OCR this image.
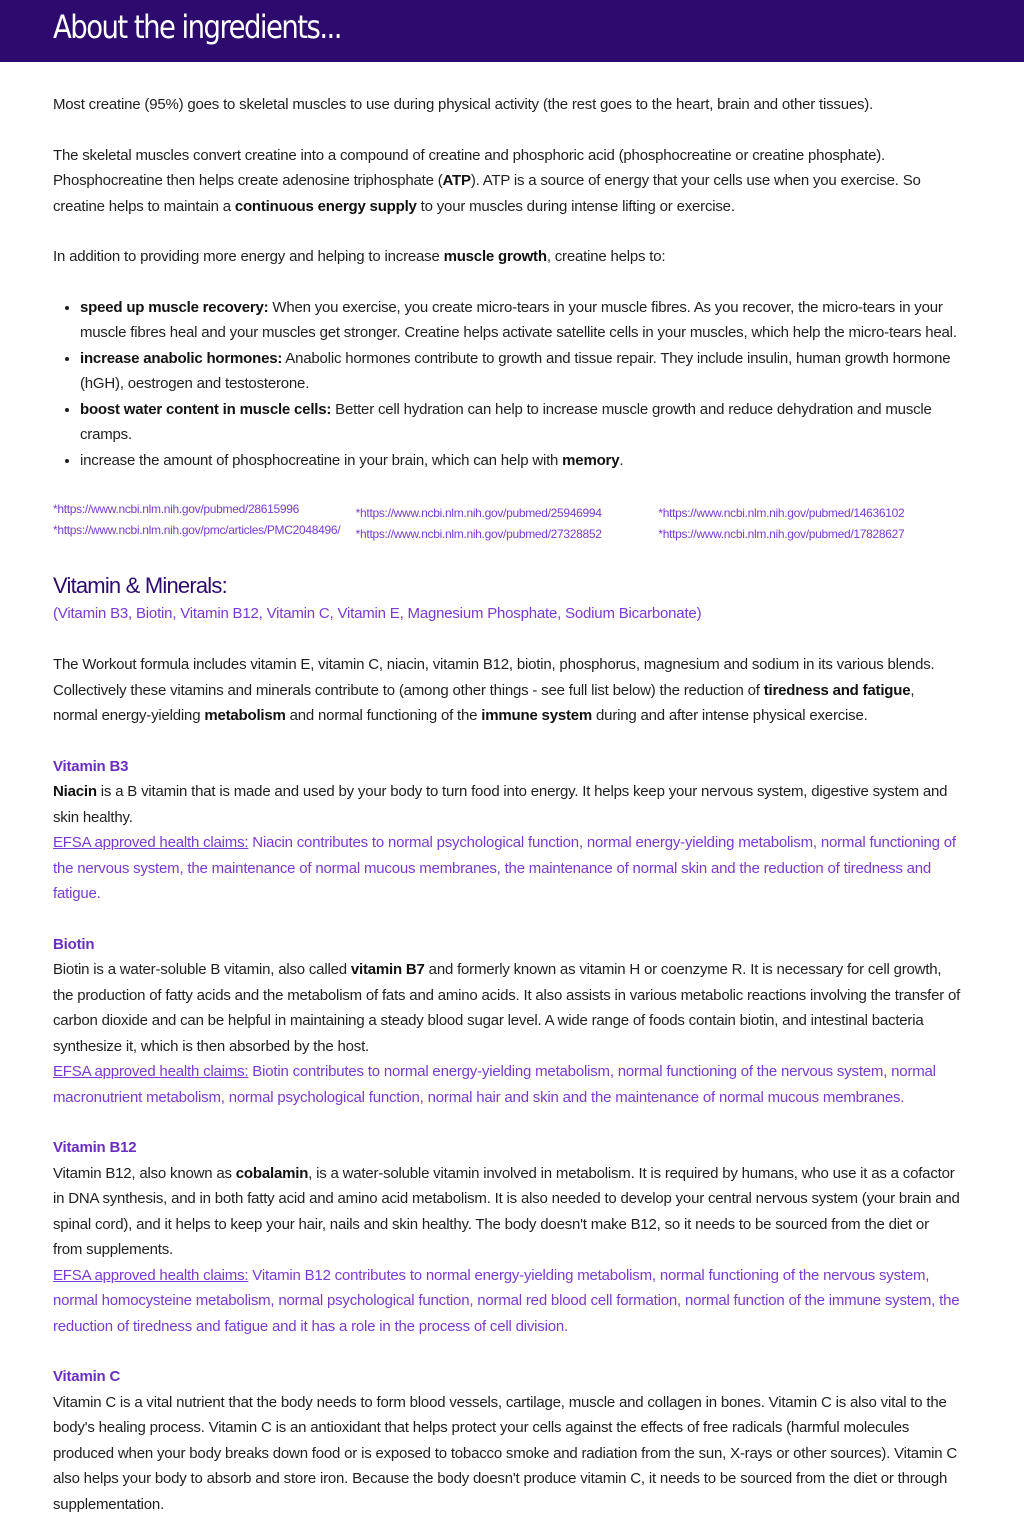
About the ingredients...

Most creatine (95%) goes to skeletal muscles to use during physical activity (the rest goes to the heart, brain and other tissues).

The skeletal muscles convert creatine into a compound of creatine and phosphoric acid (phosphocreatine or creatine phosphate). Phosphocreatine then helps create adenosine triphosphate (ATP). ATP is a source of energy that your cells use when you exercise. So creatine helps to maintain a continuous energy supply to your muscles during intense lifting or exercise.

In addition to providing more energy and helping to increase muscle growth, creatine helps to:

• speed up muscle recovery: When you exercise, you create micro-tears in your muscle fibres. As you recover, the micro-tears in your muscle fibres heal and your muscles get stronger. Creatine helps activate satellite cells in your muscles, which help the micro-tears heal.
• increase anabolic hormones: Anabolic hormones contribute to growth and tissue repair. They include insulin, human growth hormone (hGH), oestrogen and testosterone.
• boost water content in muscle cells: Better cell hydration can help to increase muscle growth and reduce dehydration and muscle cramps.
• increase the amount of phosphocreatine in your brain, which can help with memory.
*https://www.ncbi.nlm.nih.gov/pubmed/28615996
*https://www.ncbi.nlm.nih.gov/pmc/articles/PMC2048496/
*https://www.ncbi.nlm.nih.gov/pubmed/25946994
*https://www.ncbi.nlm.nih.gov/pubmed/27328852
*https://www.ncbi.nlm.nih.gov/pubmed/14636102
*https://www.ncbi.nlm.nih.gov/pubmed/17828627
Vitamin & Minerals:

(Vitamin B3, Biotin, Vitamin B12, Vitamin C, Vitamin E, Magnesium Phosphate, Sodium Bicarbonate)

The Workout formula includes vitamin E, vitamin C, niacin, vitamin B12, biotin, phosphorus, magnesium and sodium in its various blends. Collectively these vitamins and minerals contribute to (among other things - see full list below) the reduction of tiredness and fatigue, normal energy-yielding metabolism and normal functioning of the immune system during and after intense physical exercise.

Vitamin B3

Niacin is a B vitamin that is made and used by your body to turn food into energy. It helps keep your nervous system, digestive system and skin healthy.

EFSA approved health claims: Niacin contributes to normal psychological function, normal energy-yielding metabolism, normal functioning of the nervous system, the maintenance of normal mucous membranes, the maintenance of normal skin and the reduction of tiredness and fatigue.

Biotin

Biotin is a water-soluble B vitamin, also called vitamin B7 and formerly known as vitamin H or coenzyme R. It is necessary for cell growth, the production of fatty acids and the metabolism of fats and amino acids. It also assists in various metabolic reactions involving the transfer of carbon dioxide and can be helpful in maintaining a steady blood sugar level. A wide range of foods contain biotin, and intestinal bacteria synthesize it, which is then absorbed by the host.

EFSA approved health claims: Biotin contributes to normal energy-yielding metabolism, normal functioning of the nervous system, normal macronutrient metabolism, normal psychological function, normal hair and skin and the maintenance of normal mucous membranes.

Vitamin B12

Vitamin B12, also known as cobalamin, is a water-soluble vitamin involved in metabolism. It is required by humans, who use it as a cofactor in DNA synthesis, and in both fatty acid and amino acid metabolism. It is also needed to develop your central nervous system (your brain and spinal cord), and it helps to keep your hair, nails and skin healthy. The body doesn't make B12, so it needs to be sourced from the diet or from supplements.

EFSA approved health claims: Vitamin B12 contributes to normal energy-yielding metabolism, normal functioning of the nervous system, normal homocysteine metabolism, normal psychological function, normal red blood cell formation, normal function of the immune system, the reduction of tiredness and fatigue and it has a role in the process of cell division.

Vitamin C

Vitamin C is a vital nutrient that the body needs to form blood vessels, cartilage, muscle and collagen in bones. Vitamin C is also vital to the body's healing process. Vitamin C is an antioxidant that helps protect your cells against the effects of free radicals (harmful molecules produced when your body breaks down food or is exposed to tobacco smoke and radiation from the sun, X-rays or other sources). Vitamin C also helps your body to absorb and store iron. Because the body doesn't produce vitamin C, it needs to be sourced from the diet or through supplementation.
